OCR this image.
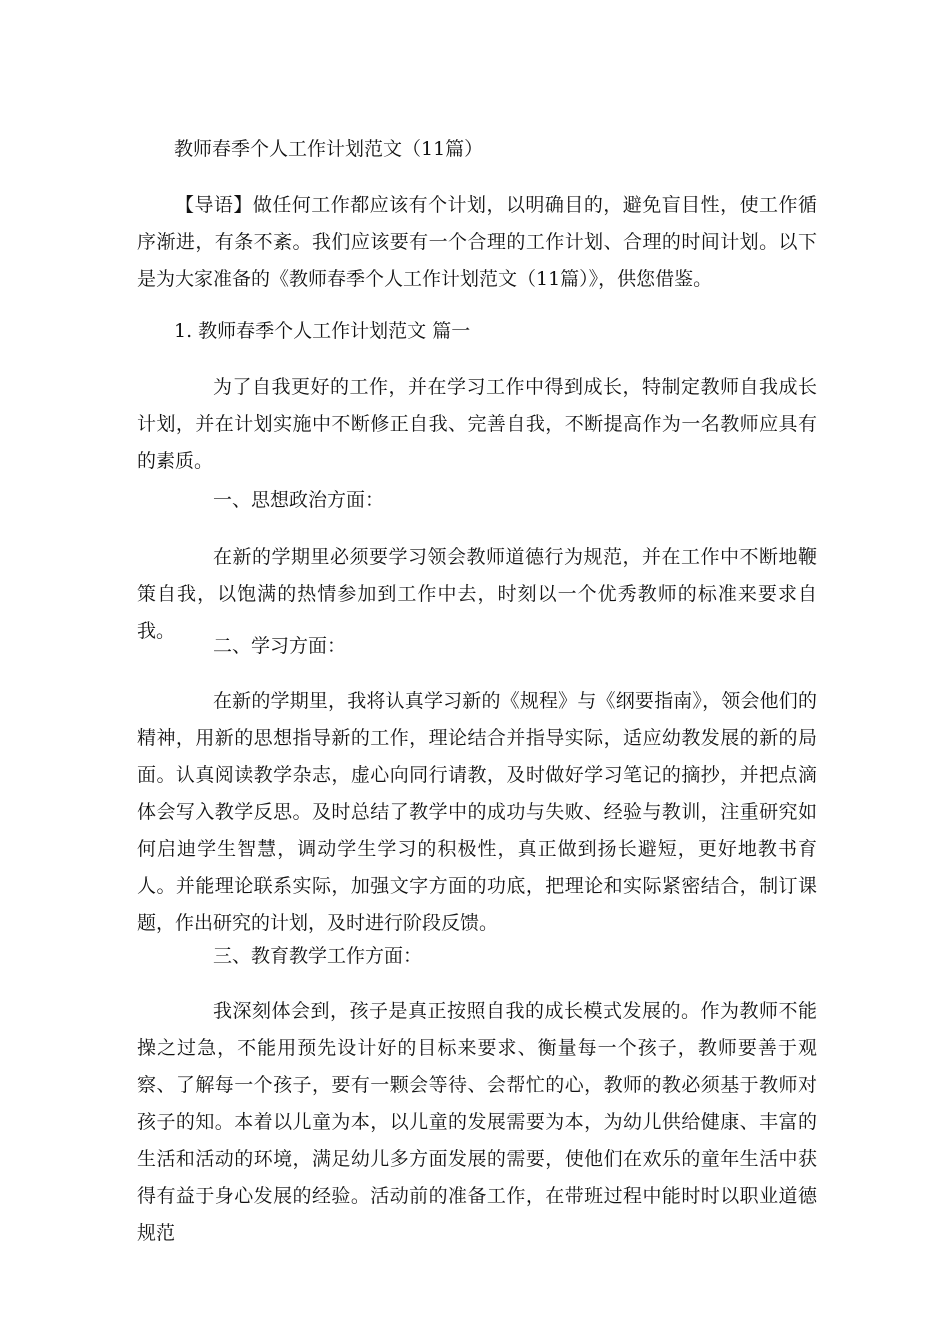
教师春季个人工作计划范文（11篇）

【导语】做任何工作都应该有个计划，以明确目的，避免盲目性，使工作循序渐进，有条不紊。我们应该要有一个合理的工作计划、合理的时间计划。以下是为大家准备的《教师春季个人工作计划范文（11篇）》，供您借鉴。

1. 教师春季个人工作计划范文 篇一

为了自我更好的工作，并在学习工作中得到成长，特制定教师自我成长计划，并在计划实施中不断修正自我、完善自我，不断提高作为一名教师应具有的素质。

一、思想政治方面：

在新的学期里必须要学习领会教师道德行为规范，并在工作中不断地鞭策自我，以饱满的热情参加到工作中去，时刻以一个优秀教师的标准来要求自我。

二、学习方面：

在新的学期里，我将认真学习新的《规程》与《纲要指南》，领会他们的精神，用新的思想指导新的工作，理论结合并指导实际，适应幼教发展的新的局面。认真阅读教学杂志，虚心向同行请教，及时做好学习笔记的摘抄，并把点滴体会写入教学反思。及时总结了教学中的成功与失败、经验与教训，注重研究如何启迪学生智慧，调动学生学习的积极性，真正做到扬长避短，更好地教书育人。并能理论联系实际，加强文字方面的功底，把理论和实际紧密结合，制订课题，作出研究的计划，及时进行阶段反馈。

三、教育教学工作方面：

我深刻体会到，孩子是真正按照自我的成长模式发展的。作为教师不能操之过急，不能用预先设计好的目标来要求、衡量每一个孩子，教师要善于观察、了解每一个孩子，要有一颗会等待、会帮忙的心，教师的教必须基于教师对孩子的知。本着以儿童为本，以儿童的发展需要为本，为幼儿供给健康、丰富的生活和活动的环境，满足幼儿多方面发展的需要，使他们在欢乐的童年生活中获得有益于身心发展的经验。活动前的准备工作，在带班过程中能时时以职业道德规范
